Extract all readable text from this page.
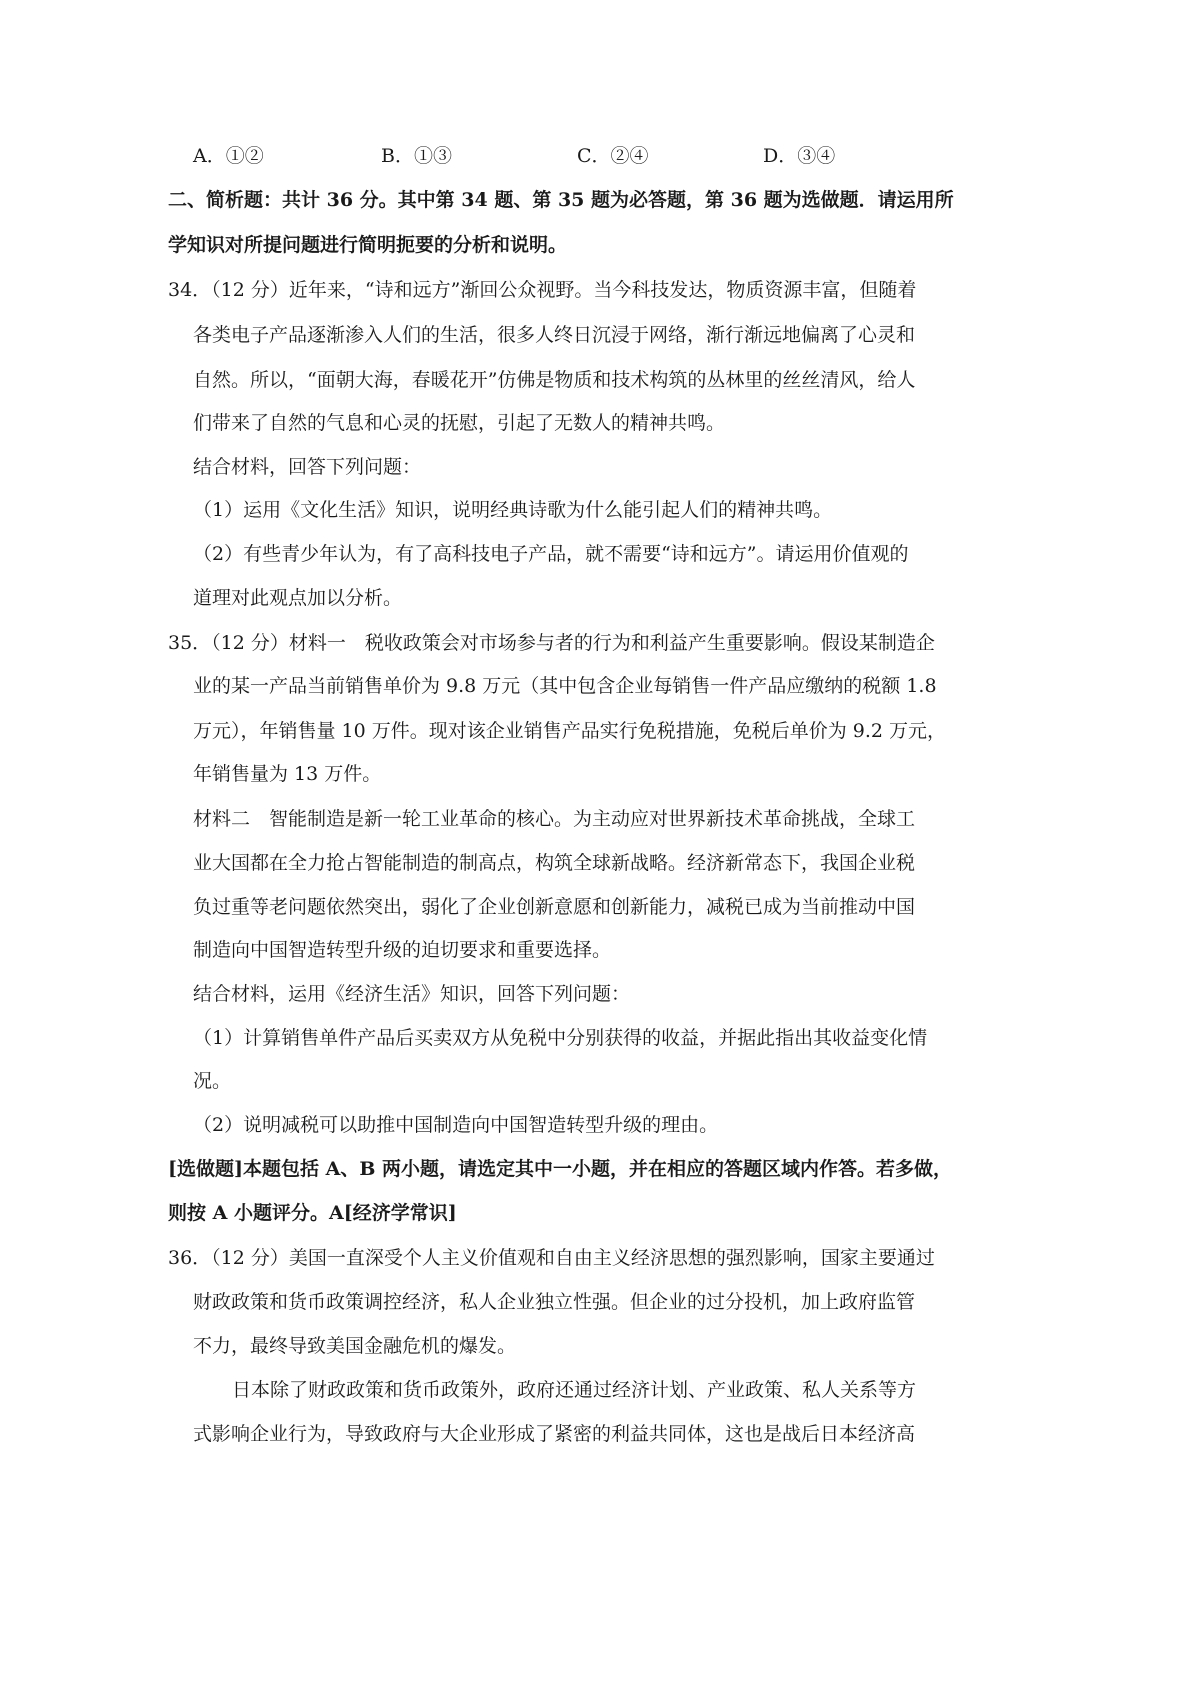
A．①②	B．①③	C．②④	D．③④
二、简析题：共计 36 分。其中第 34 题、第 35 题为必答题，第 36 题为选做题．请运用所
学知识对所提问题进行简明扼要的分析和说明。
34．（12 分）近年来，“诗和远方”渐回公众视野。当今科技发达，物质资源丰富，但随着
各类电子产品逐渐渗入人们的生活，很多人终日沉浸于网络，渐行渐远地偏离了心灵和
自然。所以，“面朝大海，春暖花开”仿佛是物质和技术构筑的丛林里的丝丝清风，给人
们带来了自然的气息和心灵的抚慰，引起了无数人的精神共鸣。
结合材料，回答下列问题：
（1）运用《文化生活》知识，说明经典诗歌为什么能引起人们的精神共鸣。
（2）有些青少年认为，有了高科技电子产品，就不需要“诗和远方”。请运用价值观的
道理对此观点加以分析。
35．（12 分）材料一　税收政策会对市场参与者的行为和利益产生重要影响。假设某制造企
业的某一产品当前销售单价为 9.8 万元（其中包含企业每销售一件产品应缴纳的税额 1.8
万元），年销售量 10 万件。现对该企业销售产品实行免税措施，免税后单价为 9.2 万元，
年销售量为 13 万件。
材料二　智能制造是新一轮工业革命的核心。为主动应对世界新技术革命挑战，全球工
业大国都在全力抢占智能制造的制高点，构筑全球新战略。经济新常态下，我国企业税
负过重等老问题依然突出，弱化了企业创新意愿和创新能力，减税已成为当前推动中国
制造向中国智造转型升级的迫切要求和重要选择。
结合材料，运用《经济生活》知识，回答下列问题：
（1）计算销售单件产品后买卖双方从免税中分别获得的收益，并据此指出其收益变化情
况。
（2）说明减税可以助推中国制造向中国智造转型升级的理由。
[选做题]本题包括 A、B 两小题，请选定其中一小题，并在相应的答题区域内作答。若多做，
则按 A 小题评分。A[经济学常识]
36．（12 分）美国一直深受个人主义价值观和自由主义经济思想的强烈影响，国家主要通过
财政政策和货币政策调控经济，私人企业独立性强。但企业的过分投机，加上政府监管
不力，最终导致美国金融危机的爆发。
日本除了财政政策和货币政策外，政府还通过经济计划、产业政策、私人关系等方
式影响企业行为，导致政府与大企业形成了紧密的利益共同体，这也是战后日本经济高
